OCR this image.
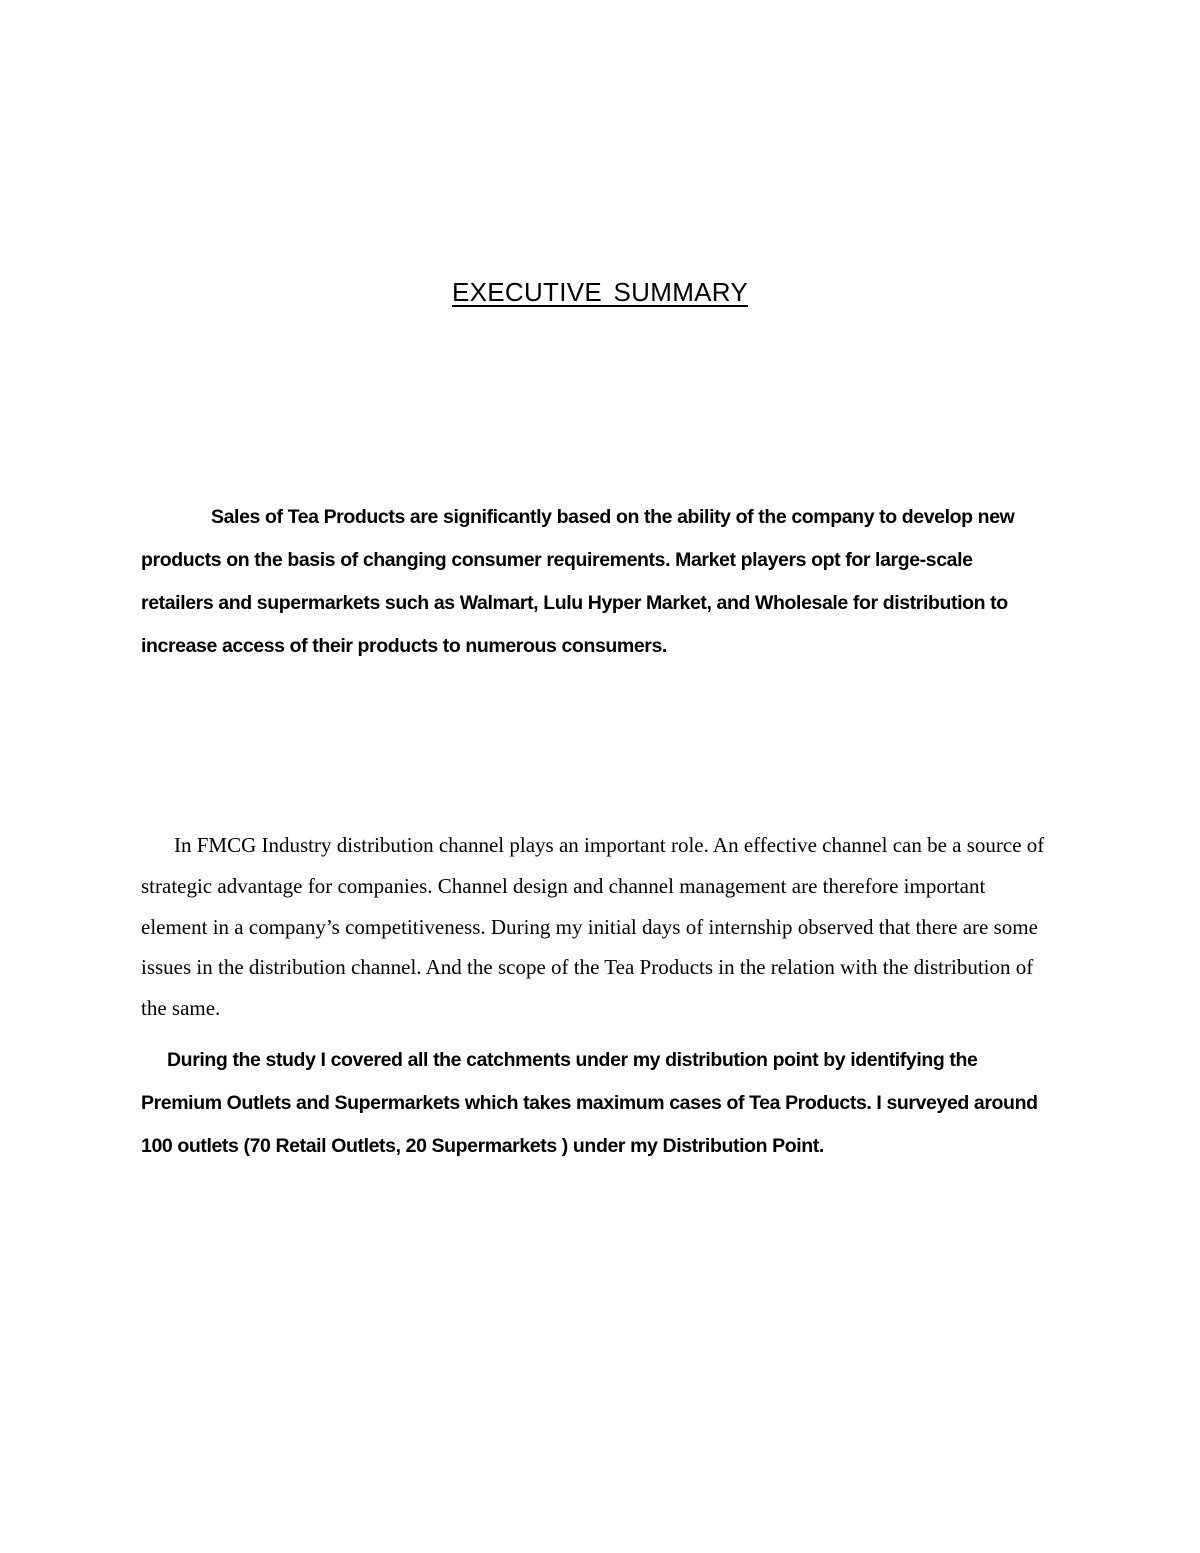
EXECUTIVE SUMMARY

Sales of Tea Products are significantly based on the ability of the company to develop new products on the basis of changing consumer requirements. Market players opt for large-scale retailers and supermarkets such as Walmart, Lulu Hyper Market, and Wholesale for distribution to increase access of their products to numerous consumers.

In FMCG Industry distribution channel plays an important role. An effective channel can be a source of strategic advantage for companies. Channel design and channel management are therefore important element in a company’s competitiveness. During my initial days of internship observed that there are some issues in the distribution channel. And the scope of the Tea Products in the relation with the distribution of the same.

During the study I covered all the catchments under my distribution point by identifying the Premium Outlets and Supermarkets which takes maximum cases of Tea Products. I surveyed around 100 outlets (70 Retail Outlets, 20 Supermarkets ) under my Distribution Point.
